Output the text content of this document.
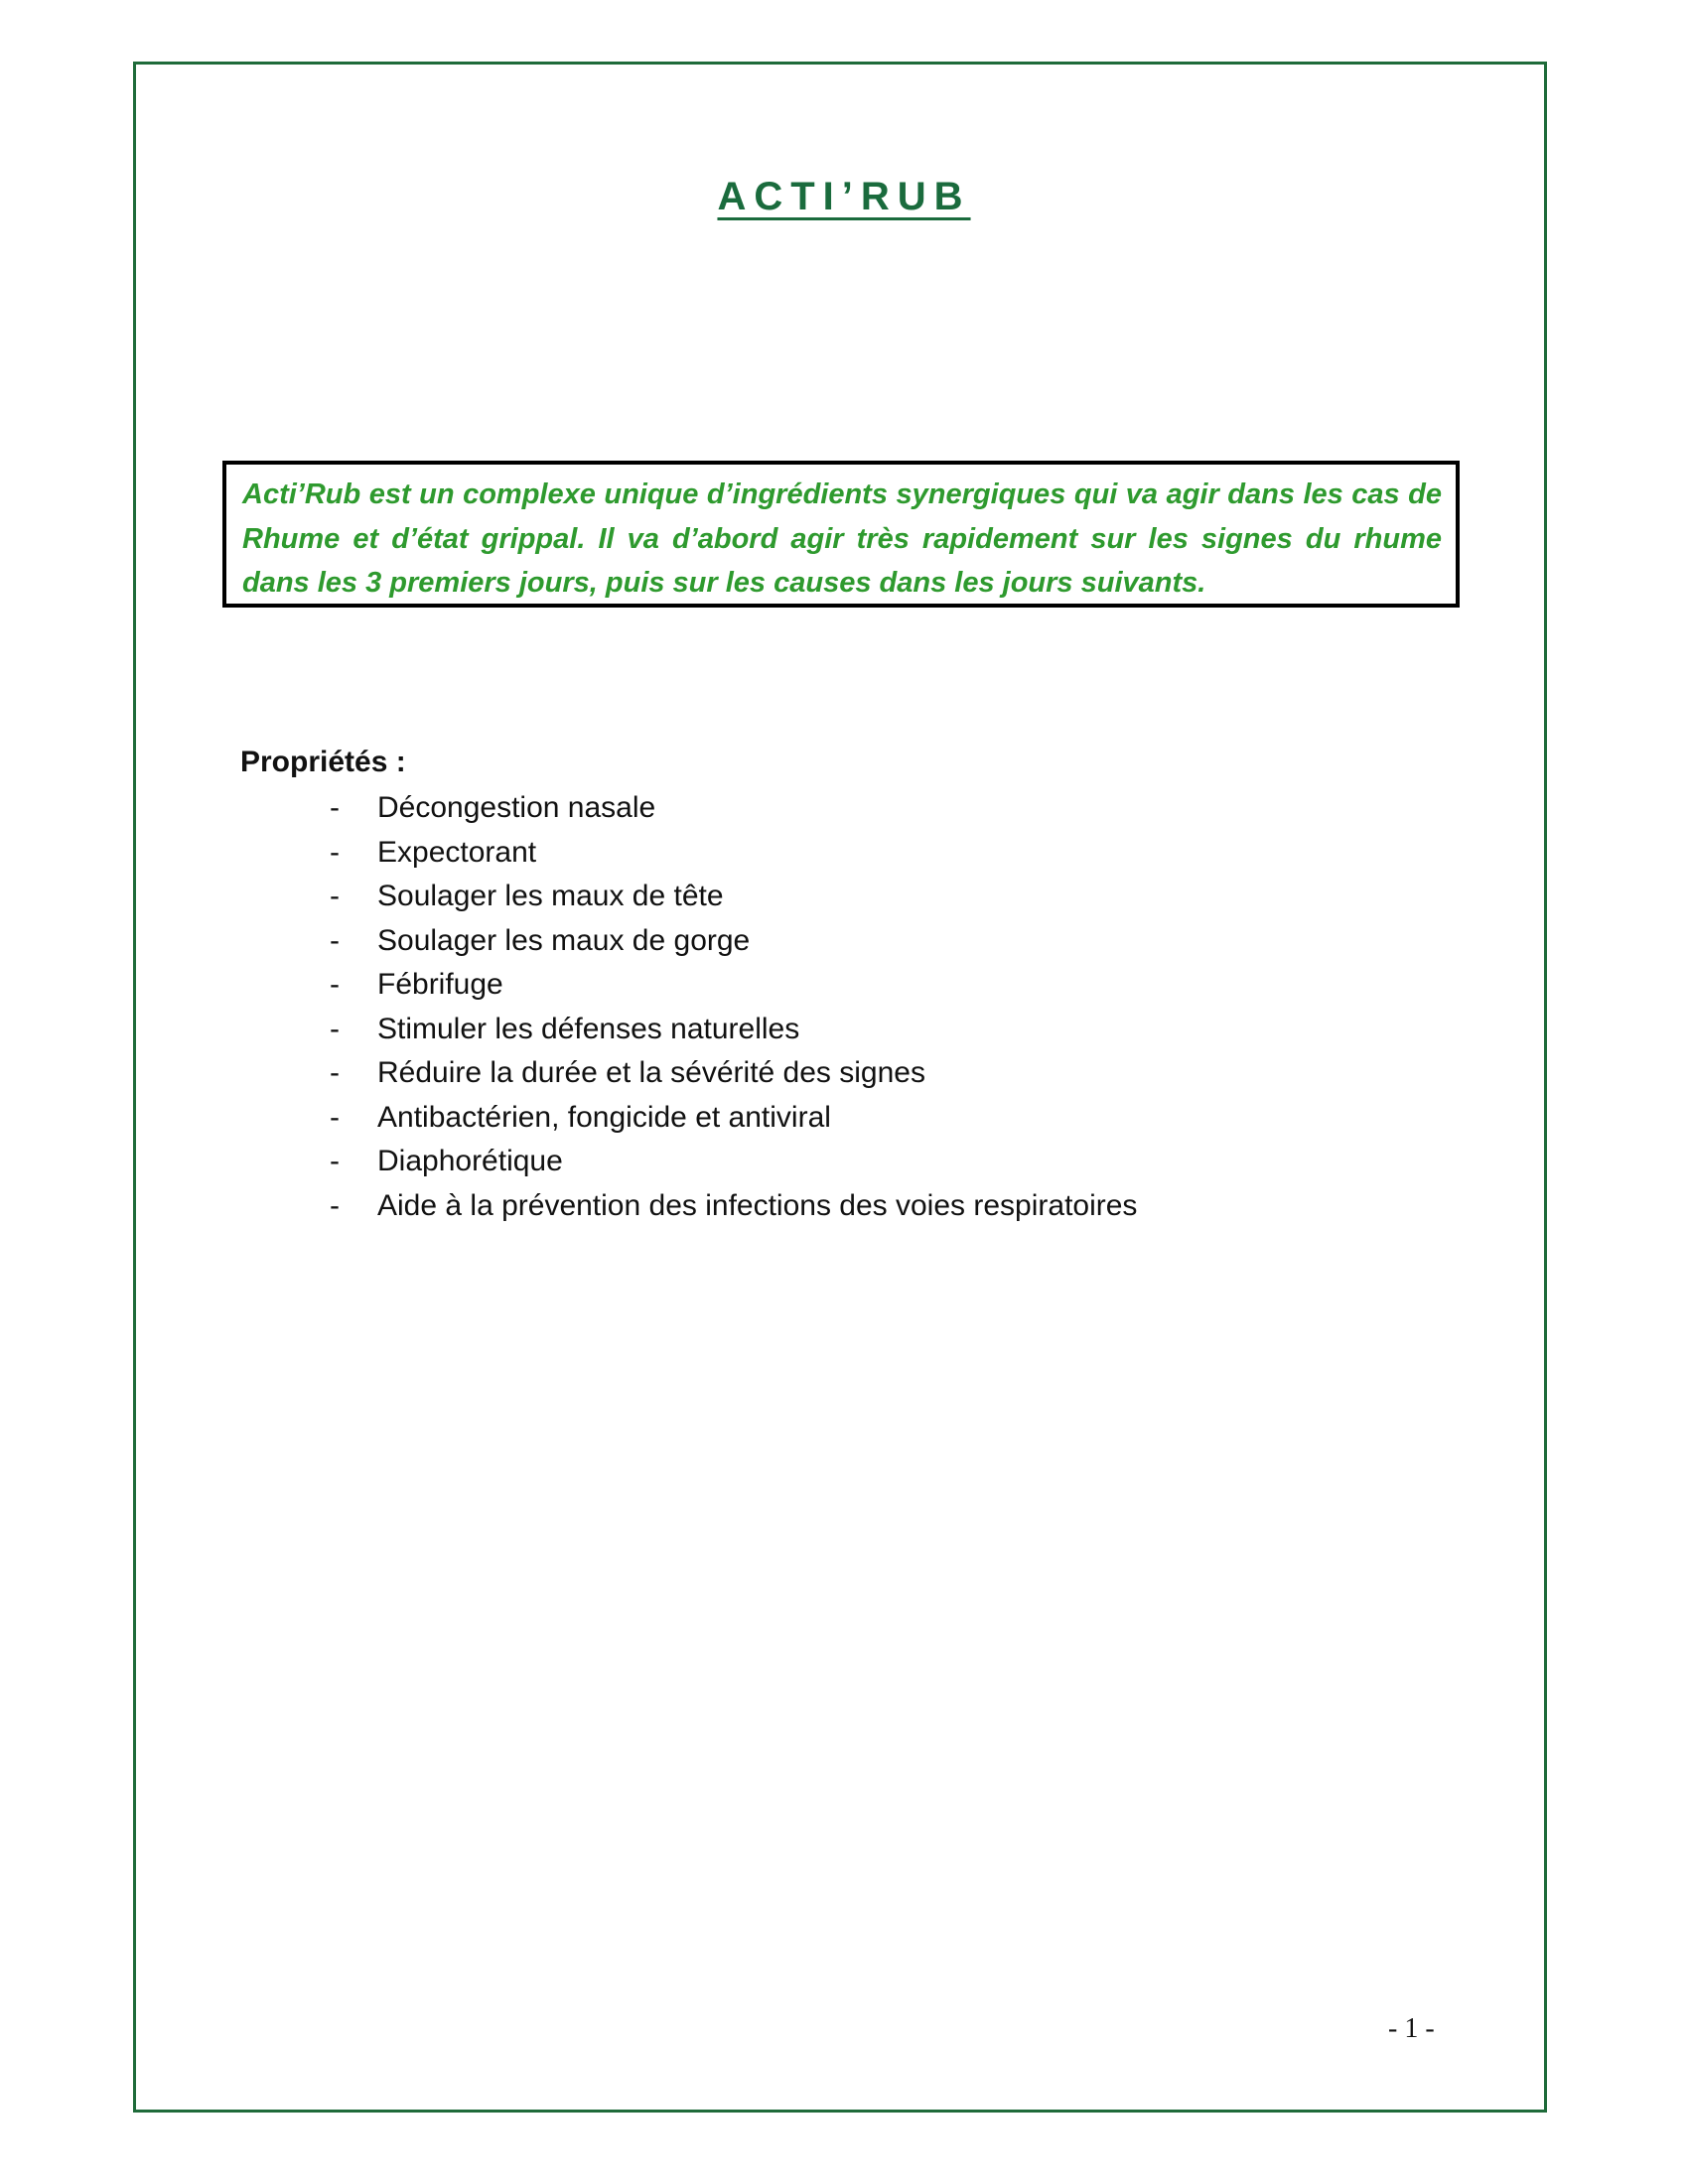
ACTI’RUB

Acti’Rub est un complexe unique d’ingrédients synergiques qui va agir dans les cas de Rhume et d’état grippal. Il va d’abord agir très rapidement sur les signes du rhume dans les 3 premiers jours, puis sur les causes dans les jours suivants.

Propriétés :
- Décongestion nasale
- Expectorant
- Soulager les maux de tête
- Soulager les maux de gorge
- Fébrifuge
- Stimuler les défenses naturelles
- Réduire la durée et la sévérité des signes
- Antibactérien, fongicide et antiviral
- Diaphorétique
- Aide à la prévention des infections des voies respiratoires
- 1 -
